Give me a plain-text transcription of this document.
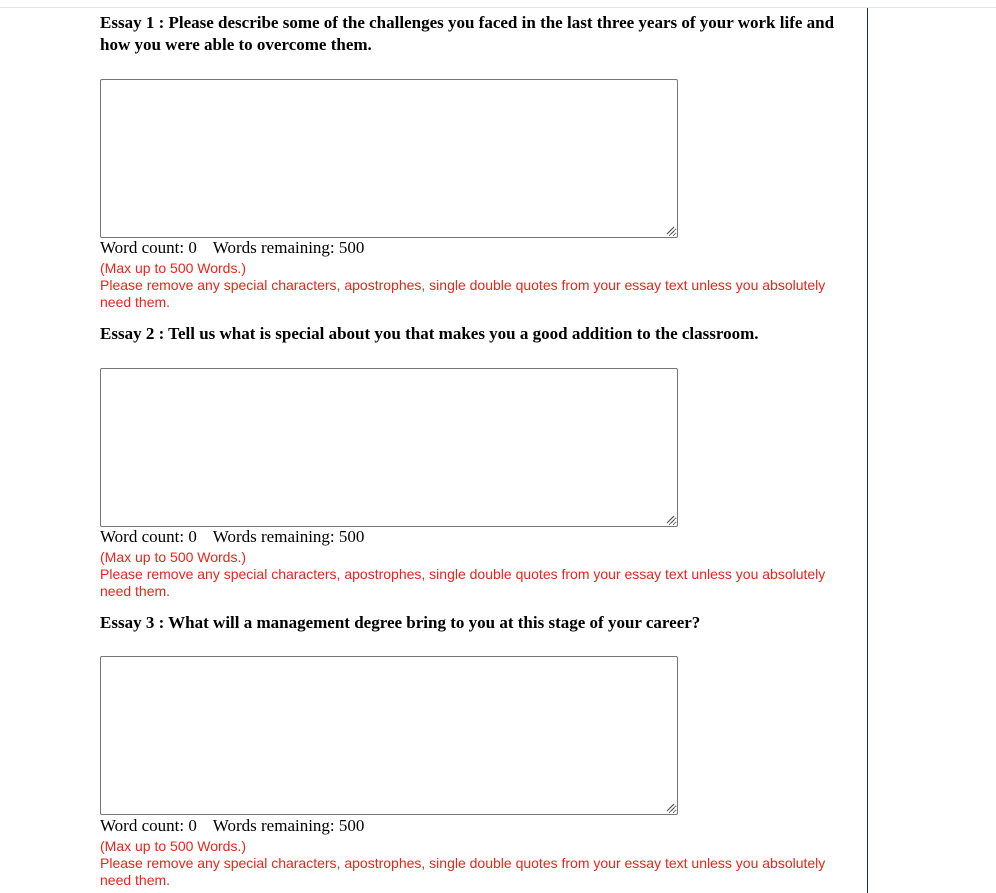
Essay 1 : Please describe some of the challenges you faced in the last three years of your work life and how you were able to overcome them.

Word count: 0 Words remaining: 500
(Max up to 500 Words.)
Please remove any special characters, apostrophes, single double quotes from your essay text unless you absolutely need them.

Essay 2 : Tell us what is special about you that makes you a good addition to the classroom.

Word count: 0 Words remaining: 500
(Max up to 500 Words.)
Please remove any special characters, apostrophes, single double quotes from your essay text unless you absolutely need them.

Essay 3 : What will a management degree bring to you at this stage of your career?

Word count: 0 Words remaining: 500
(Max up to 500 Words.)
Please remove any special characters, apostrophes, single double quotes from your essay text unless you absolutely need them.
